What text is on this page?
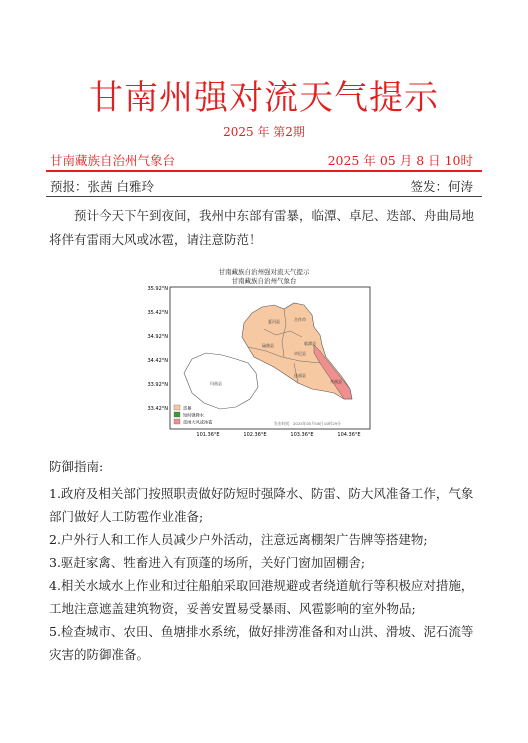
甘南州强对流天气提示
2025 年 第2期
甘南藏族自治州气象台	2025 年 05 月 8 日 10时
预报：张茜 白雅玲	签发：何涛
预计今天下午到夜间，我州中东部有雷暴，临潭、卓尼、迭部、舟曲局地将伴有雷雨大风或冰雹，请注意防范！
甘南藏族自治州强对流天气提示
甘南藏族自治州气象台
35.92°N
35.42°N
34.92°N
34.42°N
33.92°N
33.42°N
101.36°E	102.36°E	103.36°E	104.36°E
夏河县	合作市
碌曲县	临潭县
卓尼县
迭部县
舟曲县
玛曲县
雷暴
短时强降水
雷雨大风或冰雹	发布时间：2025年05月08日10时29分
防御指南:

1.政府及相关部门按照职责做好防短时强降水、防雷、防大风准备工作，气象部门做好人工防雹作业准备;

2.户外行人和工作人员减少户外活动，注意远离棚架广告牌等搭建物;

3.驱赶家禽、牲畜进入有顶蓬的场所，关好门窗加固棚舍;

4.相关水域水上作业和过往船舶采取回港规避或者绕道航行等积极应对措施，工地注意遮盖建筑物资，妥善安置易受暴雨、风雹影响的室外物品;

5.检查城市、农田、鱼塘排水系统，做好排涝准备和对山洪、滑坡、泥石流等灾害的防御准备。
